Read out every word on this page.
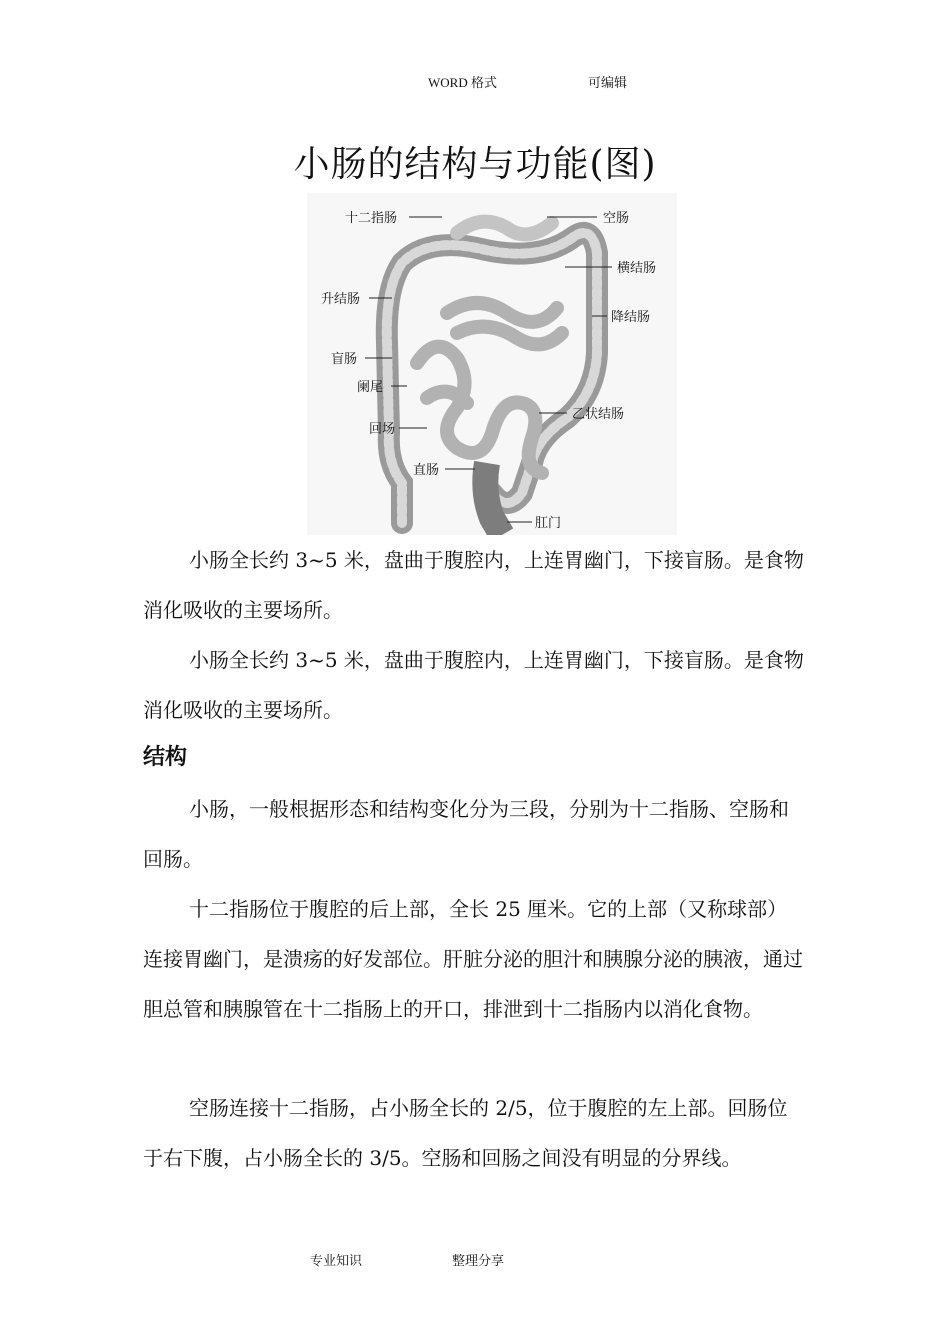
WORD 格式	可编辑
小肠的结构与功能(图)
十二指肠	空肠
横结肠
升结肠
降结肠
盲肠
阑尾
乙状结肠
回场
直肠
肛门

小肠全长约 3~5 米，盘曲于腹腔内，上连胃幽门，下接盲肠。是食物消化吸收的主要场所。

小肠全长约 3~5 米，盘曲于腹腔内，上连胃幽门，下接盲肠。是食物消化吸收的主要场所。

结构

小肠，一般根据形态和结构变化分为三段，分别为十二指肠、空肠和回肠。

十二指肠位于腹腔的后上部，全长 25 厘米。它的上部（又称球部）连接胃幽门，是溃疡的好发部位。肝脏分泌的胆汁和胰腺分泌的胰液，通过胆总管和胰腺管在十二指肠上的开口，排泄到十二指肠内以消化食物。

空肠连接十二指肠，占小肠全长的 2/5，位于腹腔的左上部。回肠位于右下腹，占小肠全长的 3/5。空肠和回肠之间没有明显的分界线。

专业知识	整理分享
